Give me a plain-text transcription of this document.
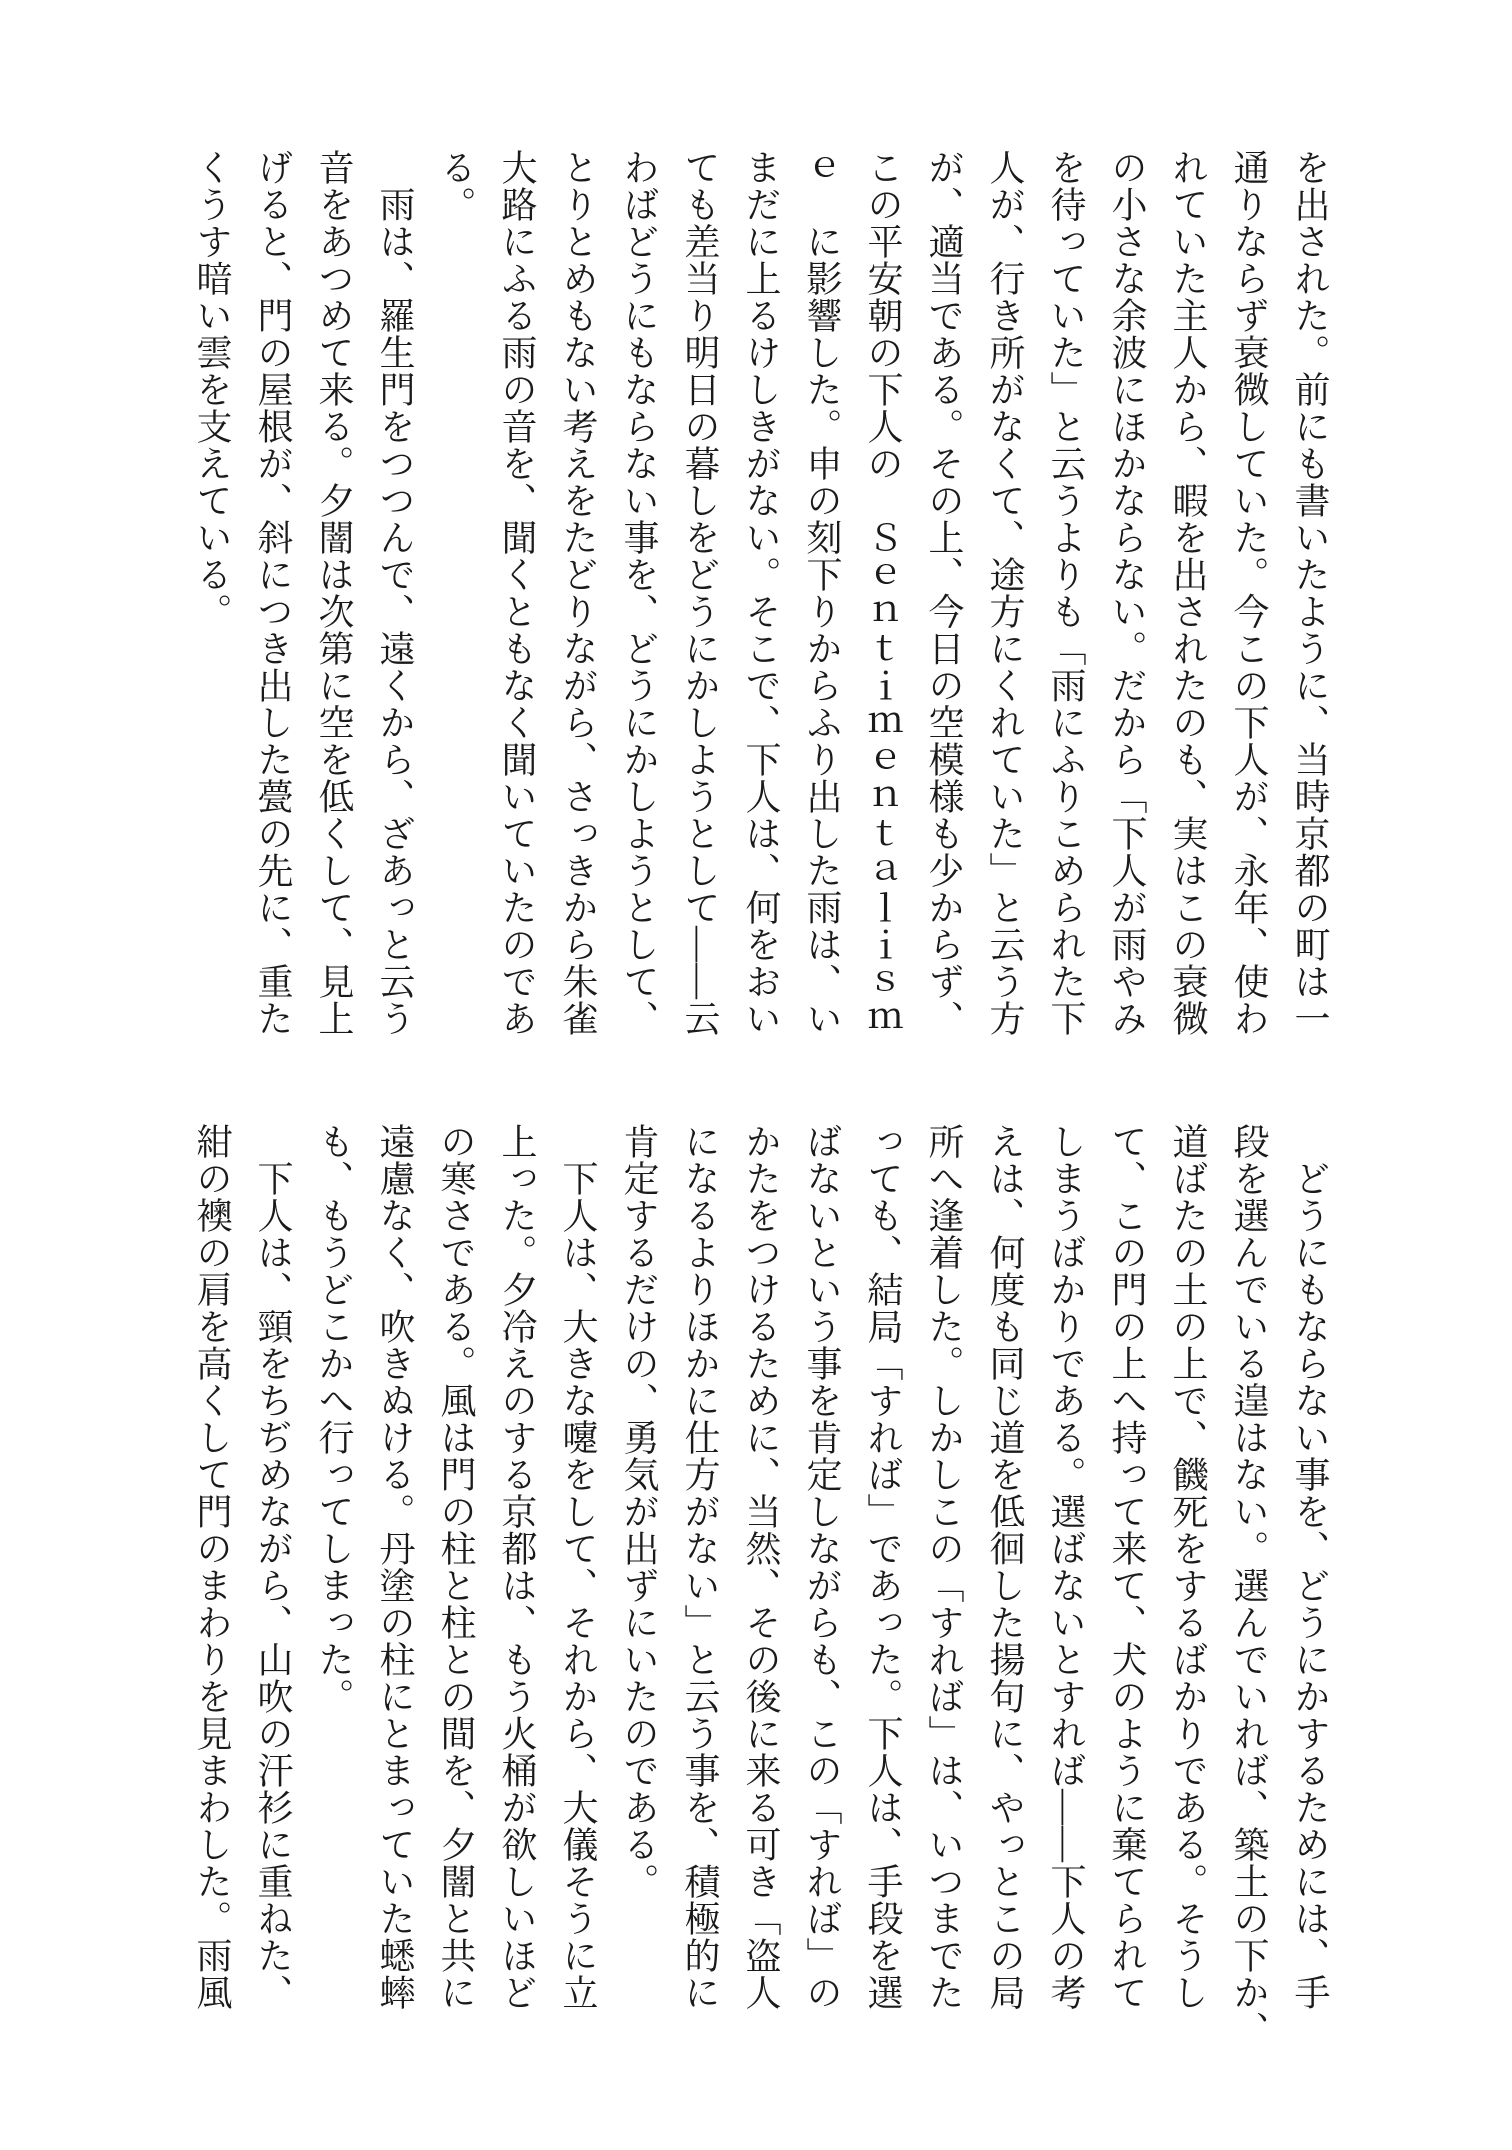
を出された。前にも書いたように、当時京都の町は一
通りならず衰微していた。今この下人が、永年、使わ
れていた主人から、暇を出されたのも、実はこの衰微
の小さな余波にほかならない。だから「下人が雨やみ
を待っていた」と云うよりも「雨にふりこめられた下
人が、行き所がなくて、途方にくれていた」と云う方
が、適当である。その上、今日の空模様も少からず、
この平安朝の下人の　Ｓｅｎｔｉｍｅｎｔａｌｉｓｍ
ｅ　に影響した。申の刻下りからふり出した雨は、い
まだに上るけしきがない。そこで、下人は、何をおい
ても差当り明日の暮しをどうにかしようとして――云
わばどうにもならない事を、どうにかしようとして、
とりとめもない考えをたどりながら、さっきから朱雀
大路にふる雨の音を、聞くともなく聞いていたのであ
る。
　雨は、羅生門をつつんで、遠くから、ざあっと云う
音をあつめて来る。夕闇は次第に空を低くして、見上
げると、門の屋根が、斜につき出した甍の先に、重た
くうす暗い雲を支えている。
　どうにもならない事を、どうにかするためには、手
段を選んでいる遑はない。選んでいれば、築土の下か、
道ばたの土の上で、饑死をするばかりである。そうし
て、この門の上へ持って来て、犬のように棄てられて
しまうばかりである。選ばないとすれば――下人の考
えは、何度も同じ道を低徊した揚句に、やっとこの局
所へ逢着した。しかしこの「すれば」は、いつまでた
っても、結局「すれば」であった。下人は、手段を選
ばないという事を肯定しながらも、この「すれば」の
かたをつけるために、当然、その後に来る可き「盗人
になるよりほかに仕方がない」と云う事を、積極的に
肯定するだけの、勇気が出ずにいたのである。
　下人は、大きな嚔をして、それから、大儀そうに立
上った。夕冷えのする京都は、もう火桶が欲しいほど
の寒さである。風は門の柱と柱との間を、夕闇と共に
遠慮なく、吹きぬける。丹塗の柱にとまっていた蟋蟀
も、もうどこかへ行ってしまった。
　下人は、頸をちぢめながら、山吹の汗衫に重ねた、
紺の襖の肩を高くして門のまわりを見まわした。雨風
